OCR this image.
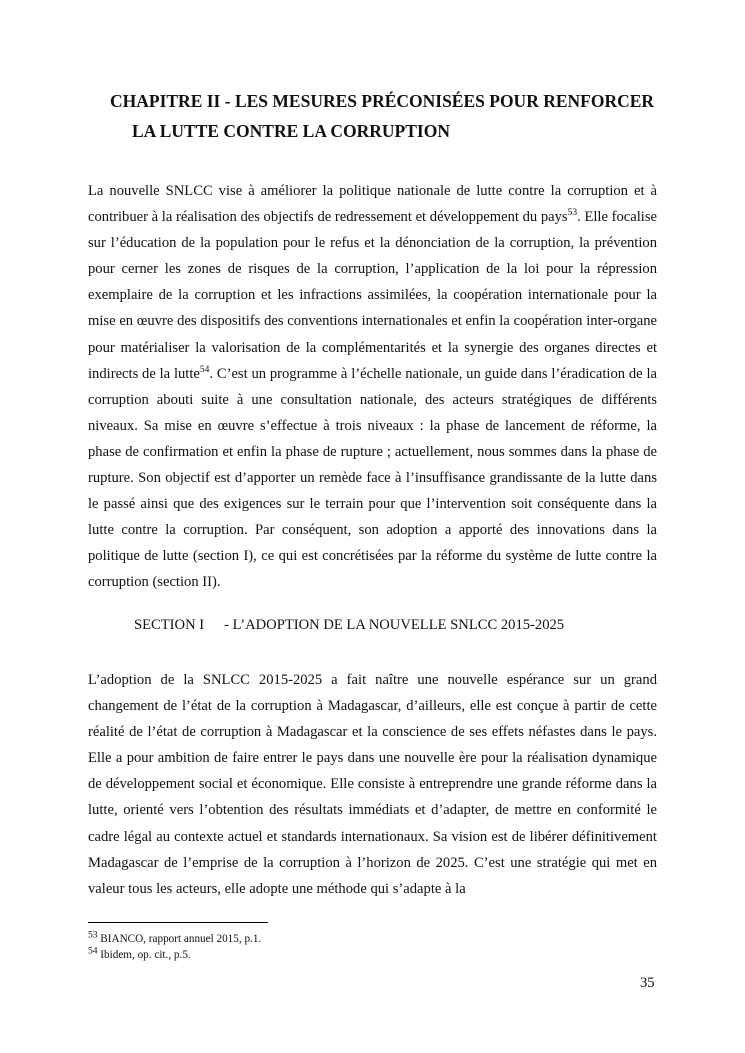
CHAPITRE II - LES MESURES PRÉCONISÉES POUR RENFORCER
LA LUTTE CONTRE LA CORRUPTION

La nouvelle SNLCC vise à améliorer la politique nationale de lutte contre la corruption et à contribuer à la réalisation des objectifs de redressement et développement du pays$^{53}$. Elle focalise sur l’éducation de la population pour le refus et la dénonciation de la corruption, la prévention pour cerner les zones de risques de la corruption, l’application de la loi pour la répression exemplaire de la corruption et les infractions assimilées, la coopération internationale pour la mise en œuvre des dispositifs des conventions internationales et enfin la coopération inter-organe pour matérialiser la valorisation de la complémentarités et la synergie des organes directes et indirects de la lutte$^{54}$. C’est un programme à l’échelle nationale, un guide dans l’éradication de la corruption abouti suite à une consultation nationale, des acteurs stratégiques de différents niveaux. Sa mise en œuvre s’effectue à trois niveaux : la phase de lancement de réforme, la phase de confirmation et enfin la phase de rupture ; actuellement, nous sommes dans la phase de rupture. Son objectif est d’apporter un remède face à l’insuffisance grandissante de la lutte dans le passé ainsi que des exigences sur le terrain pour que l’intervention soit conséquente dans la lutte contre la corruption. Par conséquent, son adoption a apporté des innovations dans la politique de lutte (section I), ce qui est concrétisées par la réforme du système de lutte contre la corruption (section II).

SECTION I - L’ADOPTION DE LA NOUVELLE SNLCC 2015-2025

L’adoption de la SNLCC 2015-2025 a fait naître une nouvelle espérance sur un grand changement de l’état de la corruption à Madagascar, d’ailleurs, elle est conçue à partir de cette réalité de l’état de corruption à Madagascar et la conscience de ses effets néfastes dans le pays. Elle a pour ambition de faire entrer le pays dans une nouvelle ère pour la réalisation dynamique de développement social et économique. Elle consiste à entreprendre une grande réforme dans la lutte, orienté vers l’obtention des résultats immédiats et d’adapter, de mettre en conformité le cadre légal au contexte actuel et standards internationaux. Sa vision est de libérer définitivement Madagascar de l’emprise de la corruption à l’horizon de 2025. C’est une stratégie qui met en valeur tous les acteurs, elle adopte une méthode qui s’adapte à la

$^{53}$ BIANCO, rapport annuel 2015, p.1.

$^{54}$ Ibidem, op. cit., p.5.

35
